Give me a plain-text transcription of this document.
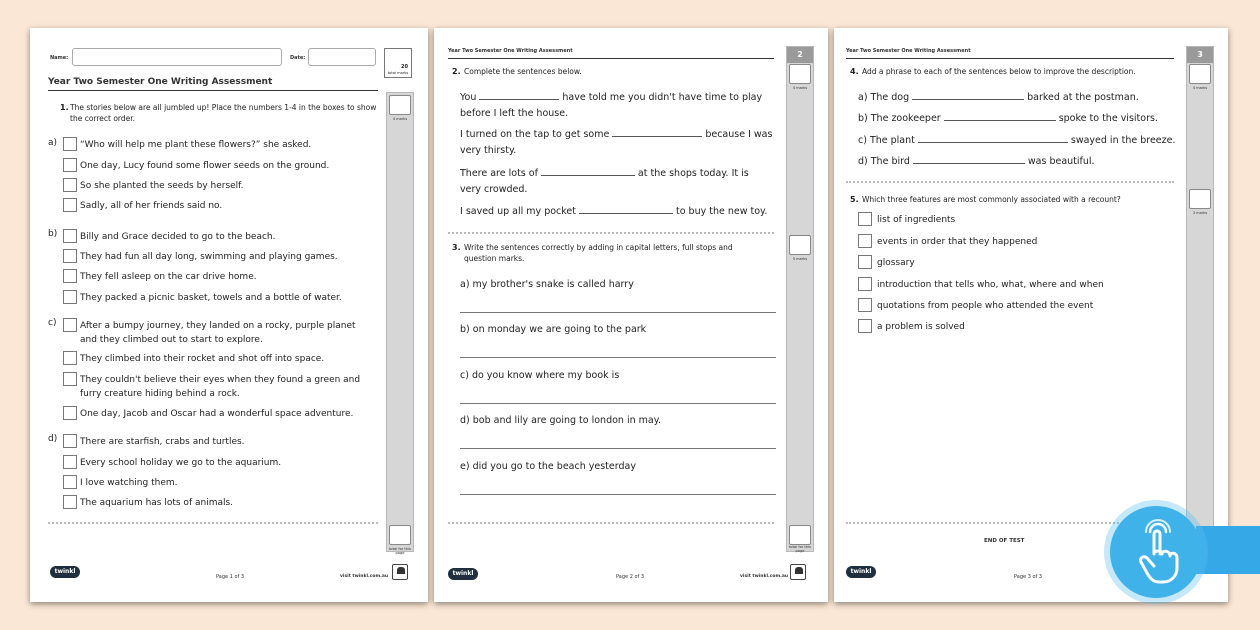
Name:	Date:
20
total marks
Year Two Semester One Writing Assessment
4 marks
total for this page
1. The stories below are all jumbled up! Place the numbers 1-4 in the boxes to show the correct order.
a)	“Who will help me plant these flowers?” she asked.
One day, Lucy found some flower seeds on the ground.
So she planted the seeds by herself.
Sadly, all of her friends said no.
b)	Billy and Grace decided to go to the beach.
They had fun all day long, swimming and playing games.
They fell asleep on the car drive home.
They packed a picnic basket, towels and a bottle of water.
c)	After a bumpy journey, they landed on a rocky, purple planet and they climbed out to start to explore.
They climbed into their rocket and shot off into space.
They couldn't believe their eyes when they found a green and furry creature hiding behind a rock.
One day, Jacob and Oscar had a wonderful space adventure.
d)	There are starfish, crabs and turtles.
Every school holiday we go to the aquarium.
I love watching them.
The aquarium has lots of animals.
twinkl
Page 1 of 3	visit twinkl.com.au
Year Two Semester One Writing Assessment	2
4 marks
5 marks
total for this page
2. Complete the sentences below.
You	have told me you didn't have time to play
before I left the house.
I turned on the tap to get some	because I was
very thirsty.
There are lots of	at the shops today. It is
very crowded.
I saved up all my pocket	to buy the new toy.
3. Write the sentences correctly by adding in capital letters, full stops and question marks.
a) my brother's snake is called harry
b) on monday we are going to the park
c) do you know where my book is
d) bob and lily are going to london in may.
e) did you go to the beach yesterday
twinkl	Page 2 of 3	visit twinkl.com.au
Year Two Semester One Writing Assessment	3
4 marks
3 marks
4. Add a phrase to each of the sentences below to improve the description.
a) The dog	barked at the postman.
b) The zookeeper	spoke to the visitors.
c) The plant	swayed in the breeze.
d) The bird	was beautiful.
5. Which three features are most commonly associated with a recount?
list of ingredients
events in order that they happened
glossary
introduction that tells who, what, where and when
quotations from people who attended the event
a problem is solved
END OF TEST
twinkl
Page 3 of 3
